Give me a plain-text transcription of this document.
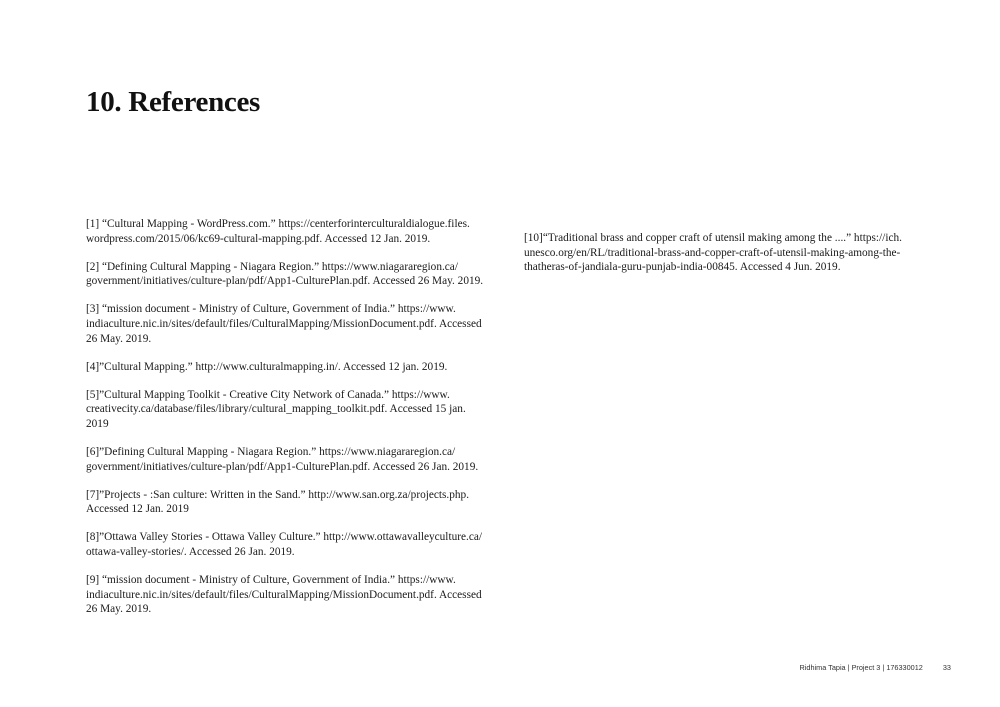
10. References

[1] “Cultural Mapping - WordPress.com.” https://centerforinterculturaldialogue.files.
wordpress.com/2015/06/kc69-cultural-mapping.pdf. Accessed 12 Jan. 2019.

[2] “Defining Cultural Mapping - Niagara Region.” https://www.niagararegion.ca/
government/initiatives/culture-plan/pdf/App1-CulturePlan.pdf. Accessed 26 May. 2019.

[3] “mission document - Ministry of Culture, Government of India.” https://www.
indiaculture.nic.in/sites/default/files/CulturalMapping/MissionDocument.pdf. Accessed
26 May. 2019.

[4]”Cultural Mapping.” http://www.culturalmapping.in/. Accessed 12 jan. 2019.

[5]”Cultural Mapping Toolkit - Creative City Network of Canada.” https://www.
creativecity.ca/database/files/library/cultural_mapping_toolkit.pdf. Accessed 15 jan.
2019

[6]”Defining Cultural Mapping - Niagara Region.” https://www.niagararegion.ca/
government/initiatives/culture-plan/pdf/App1-CulturePlan.pdf. Accessed 26 Jan. 2019.

[7]”Projects - :San culture: Written in the Sand.” http://www.san.org.za/projects.php.
Accessed 12 Jan. 2019

[8]”Ottawa Valley Stories - Ottawa Valley Culture.” http://www.ottawavalleyculture.ca/
ottawa-valley-stories/. Accessed 26 Jan. 2019.

[9] “mission document - Ministry of Culture, Government of India.” https://www.
indiaculture.nic.in/sites/default/files/CulturalMapping/MissionDocument.pdf. Accessed
26 May. 2019.

[10]“Traditional brass and copper craft of utensil making among the ....” https://ich.
unesco.org/en/RL/traditional-brass-and-copper-craft-of-utensil-making-among-the-
thatheras-of-jandiala-guru-punjab-india-00845. Accessed 4 Jun. 2019.

Ridhima Tapia | Project 3 | 176330012	33
